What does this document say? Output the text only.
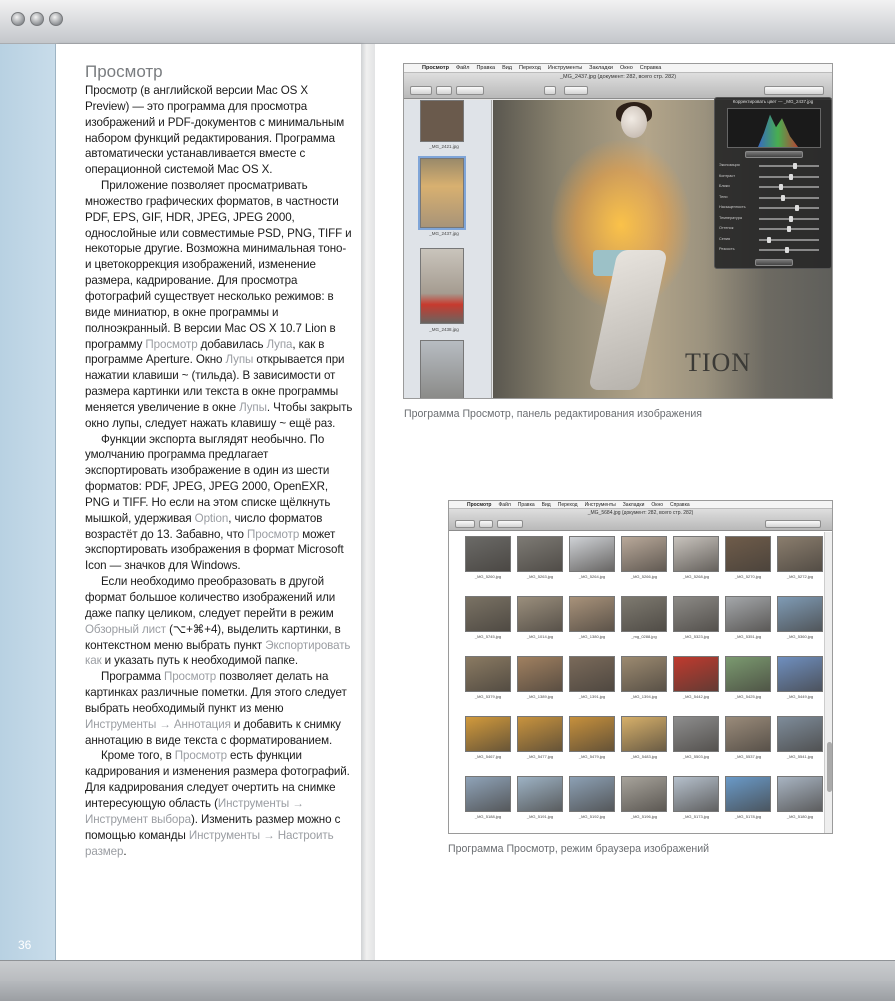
36
Просмотр

Просмотр (в английской версии Mac OS X Preview) — это программа для просмотра изображений и PDF-документов с минимальным набором функций редактирования. Программа автоматически устанавливается вместе с операционной системой Mac OS X.

Приложение позволяет просматривать множество графических форматов, в частности PDF, EPS, GIF, HDR, JPEG, JPEG 2000, однослойные или совместимые PSD, PNG, TIFF и некоторые другие. Возможна минимальная тоно- и цветокоррекция изображений, изменение размера, кадрирование. Для просмотра фотографий существует несколько режимов: в виде миниатюр, в окне программы и полноэкранный. В версии Mac OS X 10.7 Lion в программу Просмотр добавилась Лупа, как в программе Aperture. Окно Лупы открывается при нажатии клавиши ~ (тильда). В зависимости от размера картинки или текста в окне программы меняется увеличение в окне Лупы. Чтобы закрыть окно лупы, следует нажать клавишу ~ ещё раз.

Функции экспорта выглядят необычно. По умолчанию программа предлагает экспортировать изображение в один из шести форматов: PDF, JPEG, JPEG 2000, OpenEXR, PNG и TIFF. Но если на этом списке щёлкнуть мышкой, удерживая Option, число форматов возрастёт до 13. Забавно, что Просмотр может экспортировать изображения в формат Microsoft Icon — значков для Windows.

Если необходимо преобразовать в другой формат большое количество изображений или даже папку целиком, следует перейти в режим Обзорный лист (⌥+⌘+4), выделить картинки, в контекстном меню выбрать пункт Экспортировать как и указать путь к необходимой папке.

Программа Просмотр позволяет делать на картинках различные пометки. Для этого следует выбрать необходимый пункт из меню Инструменты → Аннотация и добавить к снимку аннотацию в виде текста с форматированием.

Кроме того, в Просмотр есть функции кадрирования и изменения размера фотографий. Для кадрирования следует очертить на снимке интересующую область (Инструменты → Инструмент выбора). Изменить размер можно с помощью команды Инструменты → Настроить размер.

Просмотр Файл Правка Вид Переход Инструменты Закладки Окно Справка
_MG_2437.jpg (документ: 282, всего стр. 282)
_MG_2421.jpg
_MG_2437.jpg
_MG_2438.jpg
TION
Корректировать цвет — _MG_2437.jpg
Экспозиция
Контраст
Блики
Тени
Насыщенность
Температура
Оттенок
Сепия
Резкость
Программа Просмотр, панель редактирования изображения
Просмотр Файл Правка Вид Переход Инструменты Закладки Окно Справка
_MG_5684.jpg (документ: 282, всего стр. 282)
_MG_5260.jpg	_MG_5263.jpg	_MG_5264.jpg	_MG_5266.jpg	_MG_5268.jpg	_MG_5270.jpg	_MG_5272.jpg
_MG_5745.jpg	_MG_1014.jpg	_MG_1380.jpg	_mg_0288.jpg	_MG_5323.jpg	_MG_5351.jpg	_MG_5360.jpg
_MG_5379.jpg	_MG_1389.jpg	_MG_1391.jpg	_MG_1394.jpg	_MG_5442.jpg	_MG_5425.jpg	_MG_5449.jpg
_MG_5467.jpg	_MG_5477.jpg	_MG_5479.jpg	_MG_5483.jpg	_MG_5503.jpg	_MG_5537.jpg	_MG_5541.jpg
_MG_5188.jpg	_MG_5191.jpg	_MG_5192.jpg	_MG_5196.jpg	_MG_5173.jpg	_MG_5178.jpg	_MG_5180.jpg
Программа Просмотр, режим браузера изображений
